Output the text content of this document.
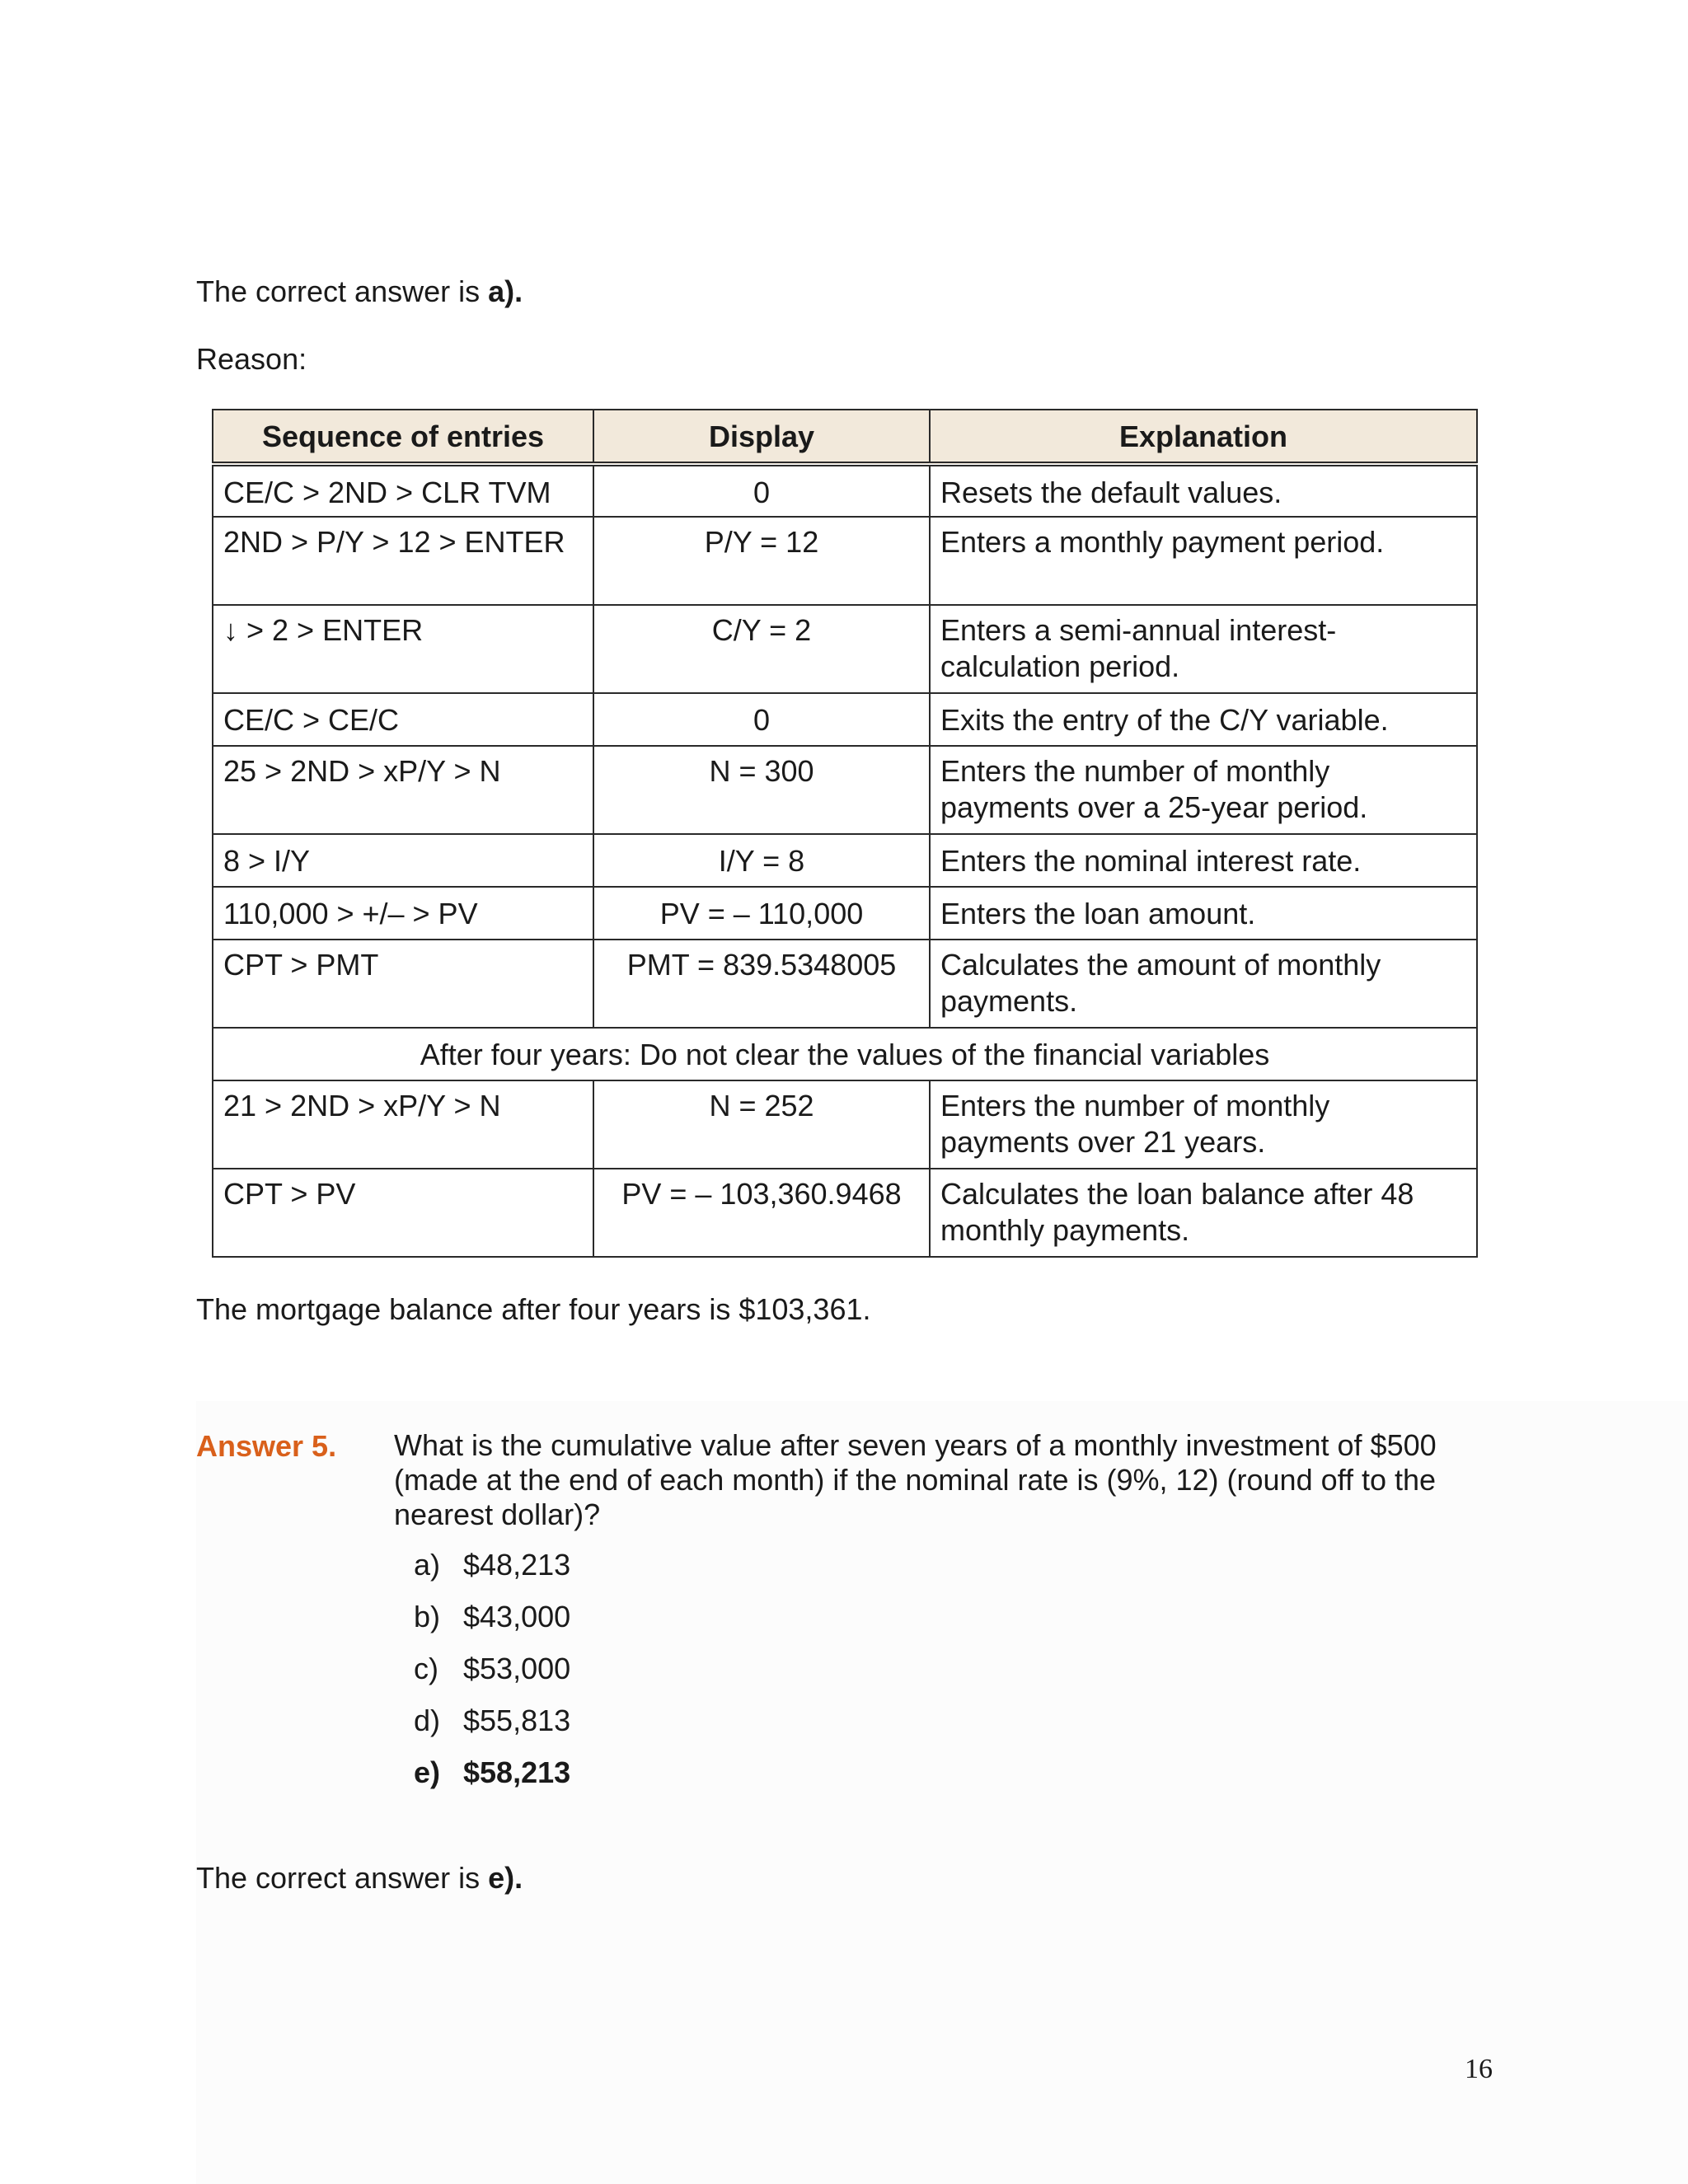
The correct answer is a).
Reason:
Sequence of entries	Display	Explanation
CE/C > 2ND > CLR TVM	0	Resets the default values.
2ND > P/Y > 12 > ENTER	P/Y = 12	Enters a monthly payment period.
↓ > 2 > ENTER	C/Y = 2	Enters a semi-annual interest-calculation period.
CE/C > CE/C	0	Exits the entry of the C/Y variable.
25 > 2ND > xP/Y > N	N = 300	Enters the number of monthly payments over a 25-year period.
8 > I/Y	I/Y = 8	Enters the nominal interest rate.
110,000 > +/– > PV	PV = – 110,000	Enters the loan amount.
CPT > PMT	PMT = 839.5348005	Calculates the amount of monthly payments.
After four years: Do not clear the values of the financial variables		
21 > 2ND > xP/Y > N	N = 252	Enters the number of monthly payments over 21 years.
CPT > PV	PV = – 103,360.9468	Calculates the loan balance after 48 monthly payments.
The mortgage balance after four years is $103,361.
Answer 5. What is the cumulative value after seven years of a monthly investment of $500 (made at the end of each month) if the nominal rate is (9%, 12) (round off to the nearest dollar)?
a) $48,213
b) $43,000
c) $53,000
d) $55,813
e) $58,213
The correct answer is e).
16
